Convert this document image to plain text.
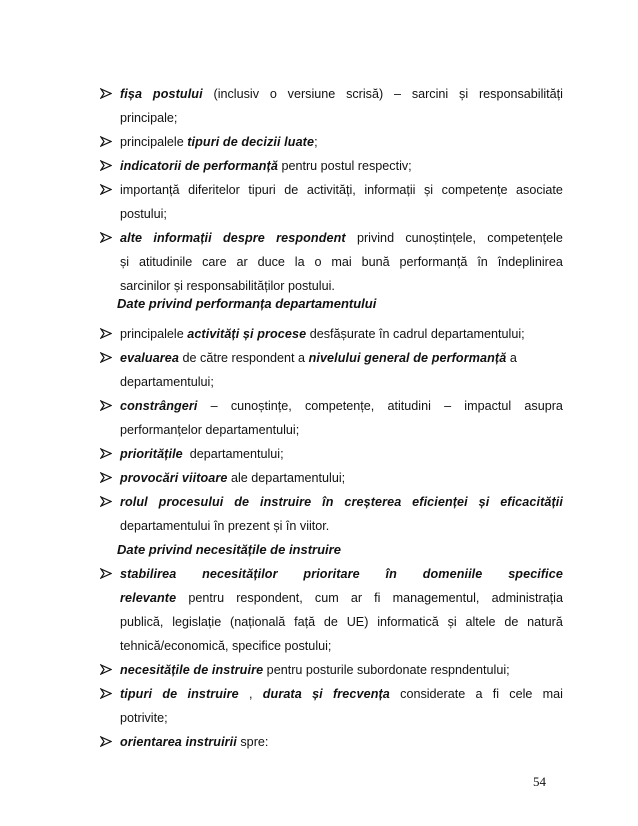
fișa postului (inclusiv o versiune scrisă) – sarcini și responsabilități
principale;
principalele tipuri de decizii luate ;
indicatorii de performanță pentru postul respectiv;
importanță diferitelor tipuri de activități, informații și competențe asociate
postului;
alte informații despre respondent privind cunoștințele, competențele
și atitudinile care ar duce la o mai bună performanță în îndeplinirea
sarcinilor și responsabilităților postului.
Date privind performanța departamentului
principalele activități și procese desfășurate în cadrul departamentului;
evaluarea de către respondent a nivelului general de performanță a
departamentului;
constrângeri – cunoștințe, competențe, atitudini – impactul asupra
performanțelor departamentului;
prioritățile departamentului;
provocări viitoare ale departamentului;
rolul procesului de instruire în creșterea eficienței și eficacității
departamentului în prezent și în viitor.
Date privind necesitățile de instruire
stabilirea necesităților prioritare în domeniile specifice
relevante pentru respondent, cum ar fi managementul, administrația
publică, legislație (națională față de UE) informatică și altele de natură
tehnică/economică, specifice postului;
necesitățile de instruire pentru posturile subordonate respndentului;
tipuri de instruire , durata și frecvența considerate a fi cele mai
potrivite;
orientarea instruirii spre:
54
